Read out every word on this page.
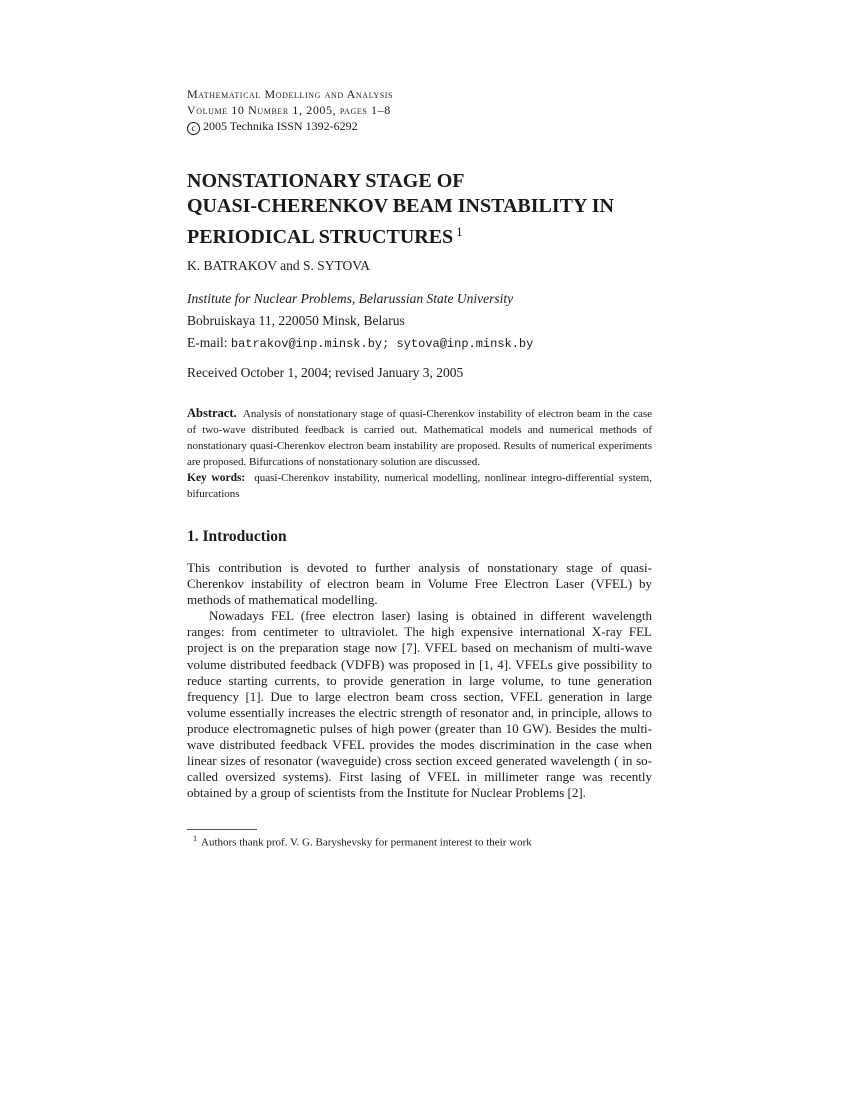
Mathematical Modelling and Analysis
Volume 10 Number 1, 2005, pages 1–8
c 2005 Technika ISSN 1392-6292
NONSTATIONARY STAGE OF
QUASI-CHERENKOV BEAM INSTABILITY IN
PERIODICAL STRUCTURES $^1$
K. BATRAKOV and S. SYTOVA
Institute for Nuclear Problems, Belarussian State University
Bobruiskaya 11, 220050 Minsk, Belarus
E-mail: batrakov@inp.minsk.by; sytova@inp.minsk.by
Received October 1, 2004; revised January 3, 2005
Abstract. Analysis of nonstationary stage of quasi-Cherenkov instability of electron beam in the case of two-wave distributed feedback is carried out. Mathematical models and numerical methods of nonstationary quasi-Cherenkov electron beam instability are proposed. Results of numerical experiments are proposed. Bifurcations of nonstationary solution are discussed.
Key words: quasi-Cherenkov instability, numerical modelling, nonlinear integro-differential system, bifurcations
1. Introduction

This contribution is devoted to further analysis of nonstationary stage of quasi-Cherenkov instability of electron beam in Volume Free Electron Laser (VFEL) by methods of mathematical modelling.

Nowadays FEL (free electron laser) lasing is obtained in different wavelength ranges: from centimeter to ultraviolet. The high expensive international X-ray FEL project is on the preparation stage now [7]. VFEL based on mechanism of multi-wave volume distributed feedback (VDFB) was proposed in [1, 4]. VFELs give possibility to reduce starting currents, to provide generation in large volume, to tune generation frequency [1]. Due to large electron beam cross section, VFEL generation in large volume essentially increases the electric strength of resonator and, in principle, allows to produce electromagnetic pulses of high power (greater than 10 GW). Besides the multi-wave distributed feedback VFEL provides the modes discrimination in the case when linear sizes of resonator (waveguide) cross section exceed generated wavelength ( in so-called oversized systems). First lasing of VFEL in millimeter range was recently obtained by a group of scientists from the Institute for Nuclear Problems [2].

$^1$ Authors thank prof. V. G. Baryshevsky for permanent interest to their work
